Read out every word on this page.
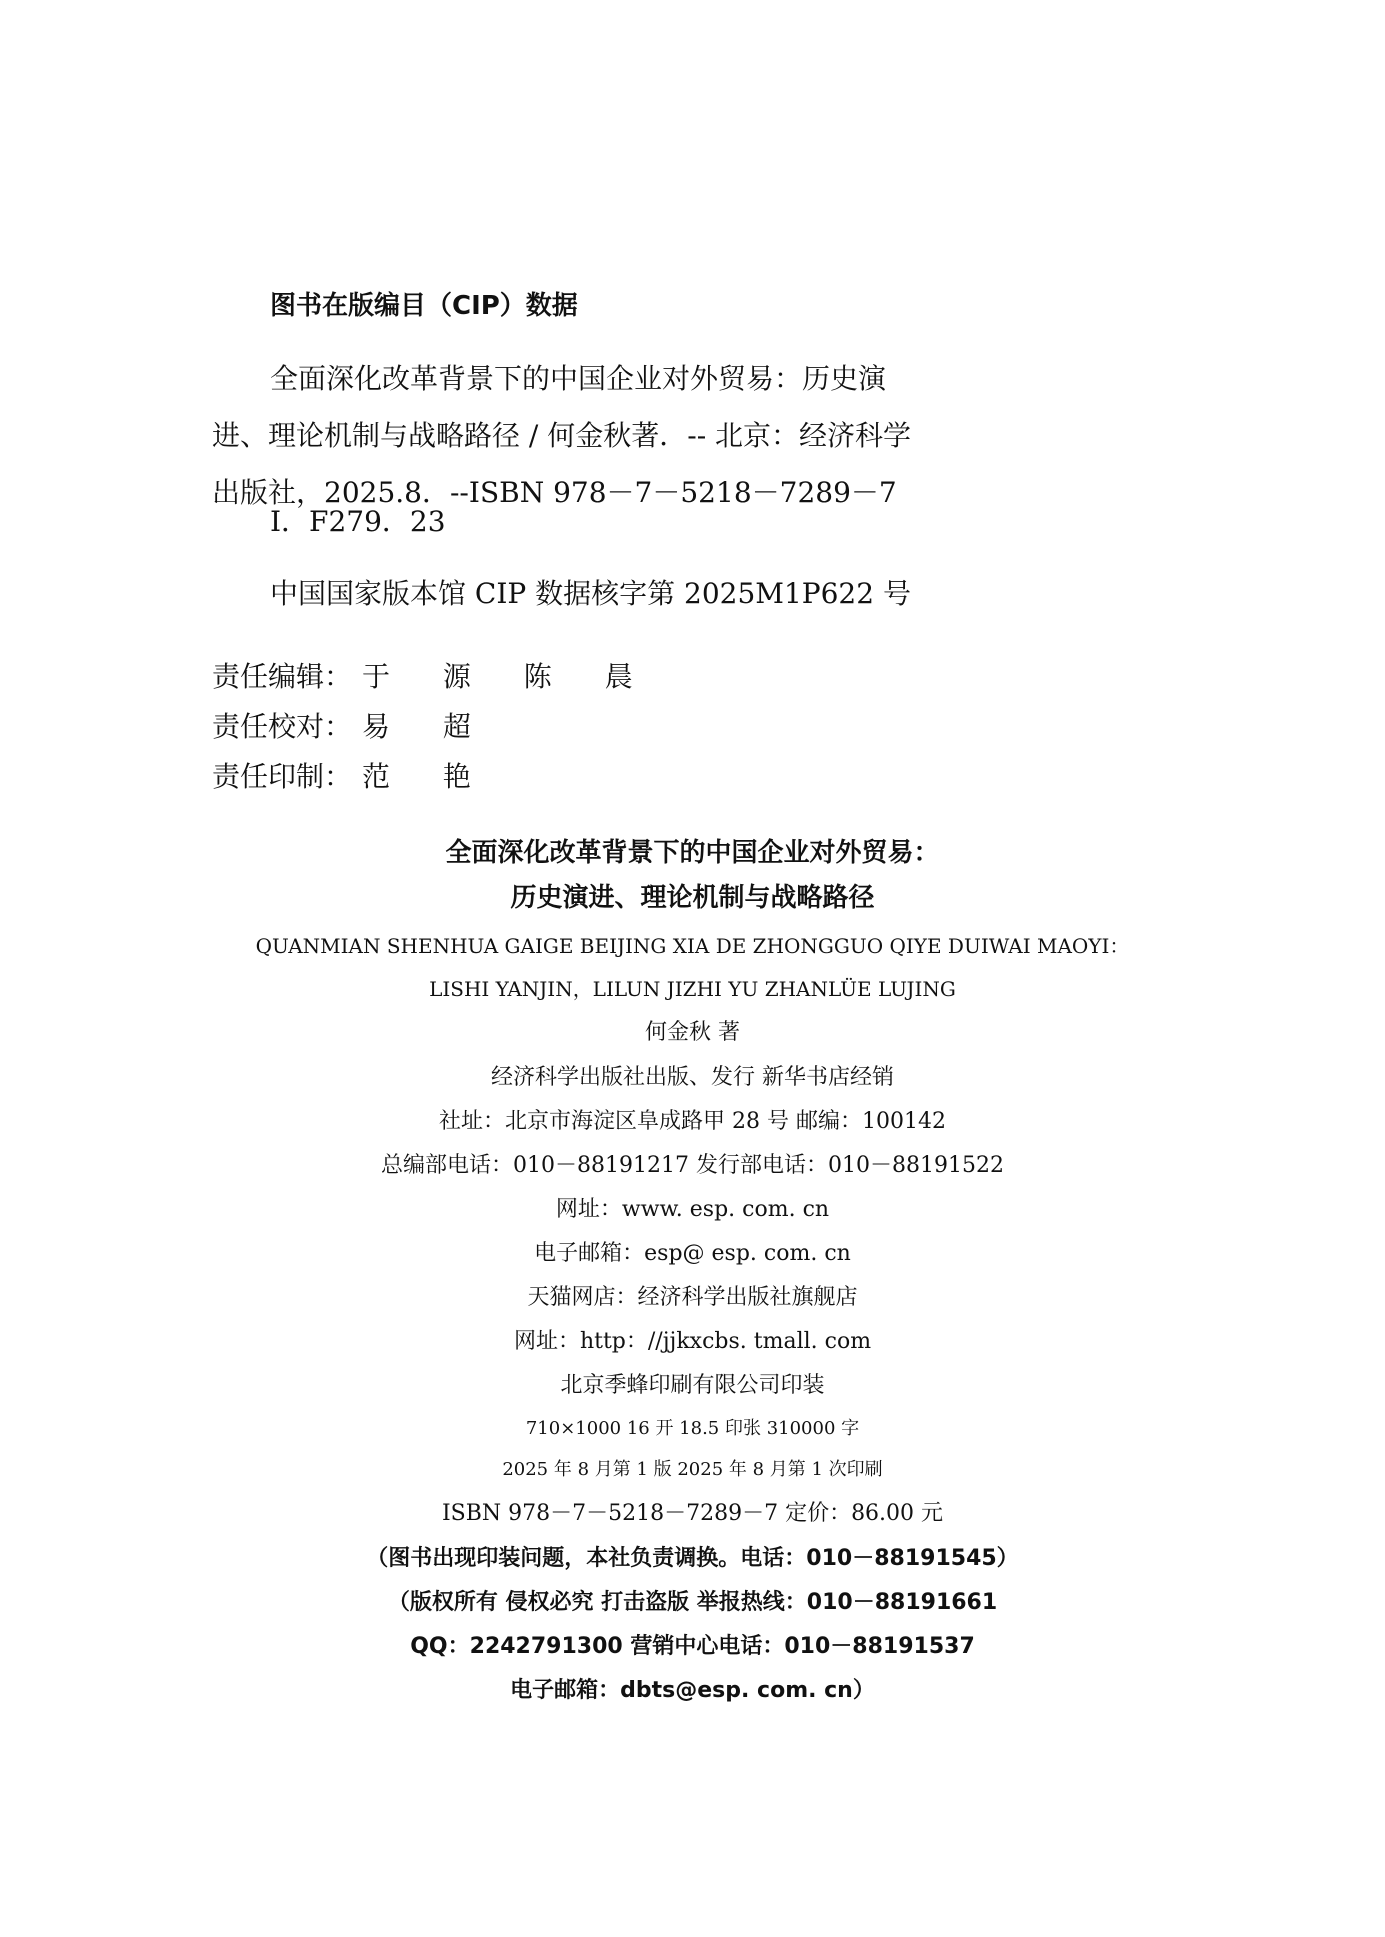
图书在版编目（CIP）数据
全面深化改革背景下的中国企业对外贸易：历史演进、理论机制与战略路径 / 何金秋著．-- 北京：经济科学出版社，2025.8．--ISBN 978－7－5218－7289－7
Ⅰ．F279．23
中国国家版本馆 CIP 数据核字第 2025M1P622 号
责任编辑： 于 源 陈 晨
责任校对： 易 超
责任印制： 范 艳
全面深化改革背景下的中国企业对外贸易：
历史演进、理论机制与战略路径
QUANMIAN SHENHUA GAIGE BEIJING XIA DE ZHONGGUO QIYE DUIWAI MAOYI：
LISHI YANJIN，LILUN JIZHI YU ZHANLÜE LUJING
何金秋 著
经济科学出版社出版、发行 新华书店经销
社址：北京市海淀区阜成路甲 28 号 邮编：100142
总编部电话：010－88191217 发行部电话：010－88191522
网址：www. esp. com. cn
电子邮箱：esp@ esp. com. cn
天猫网店：经济科学出版社旗舰店
网址：http：//jjkxcbs. tmall. com
北京季蜂印刷有限公司印装
710×1000 16 开 18.5 印张 310000 字
2025 年 8 月第 1 版 2025 年 8 月第 1 次印刷
ISBN 978－7－5218－7289－7 定价：86.00 元
（图书出现印装问题，本社负责调换。电话：010－88191545）
（版权所有 侵权必究 打击盗版 举报热线：010－88191661
QQ：2242791300 营销中心电话：010－88191537
电子邮箱：dbts@esp. com. cn）
